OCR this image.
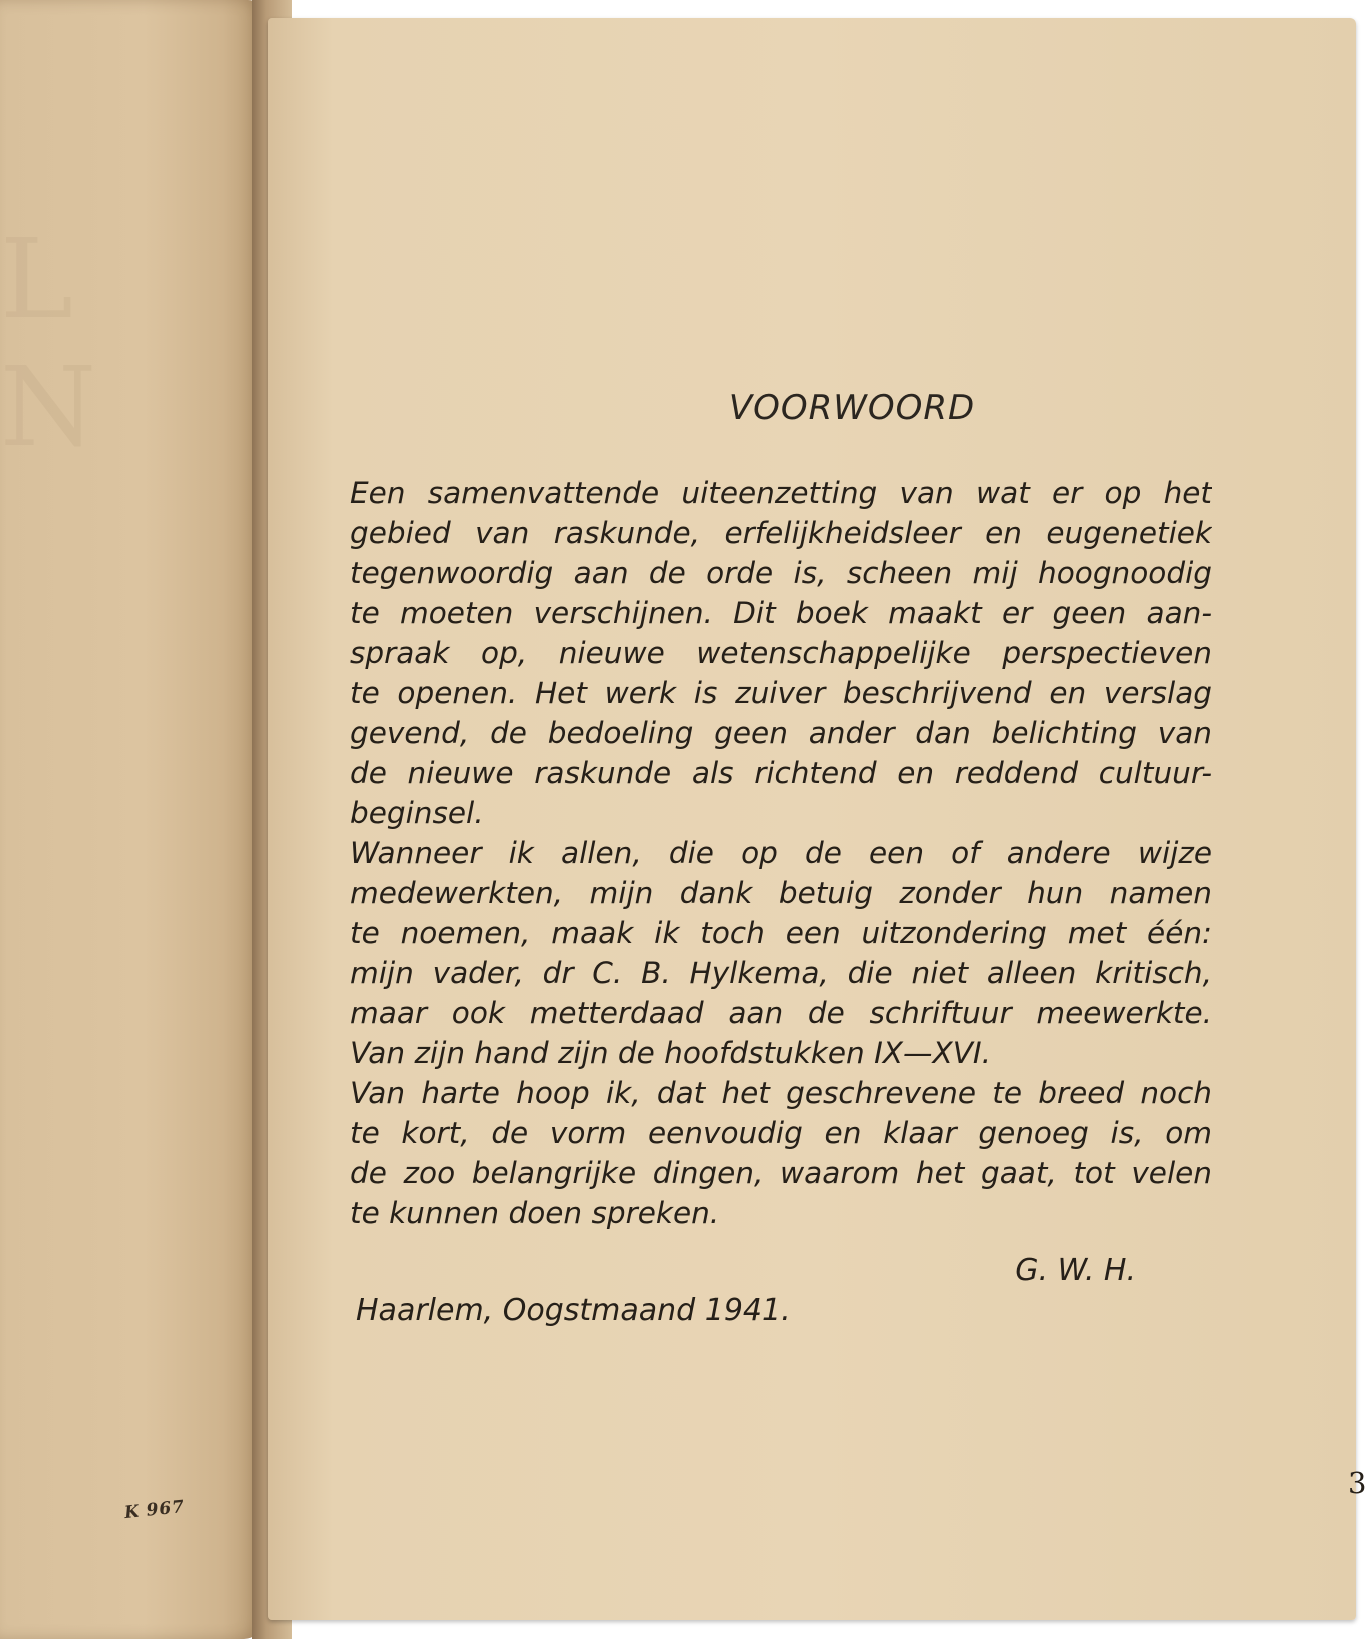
L N
K 967
VOORWOORD
Een samenvattende uiteenzetting van wat er op het
gebied van raskunde, erfelijkheidsleer en eugenetiek
tegenwoordig aan de orde is, scheen mij hoognoodig
te moeten verschijnen. Dit boek maakt er geen aan-
spraak op, nieuwe wetenschappelijke perspectieven
te openen. Het werk is zuiver beschrijvend en verslag
gevend, de bedoeling geen ander dan belichting van
de nieuwe raskunde als richtend en reddend cultuur-
beginsel.
Wanneer ik allen, die op de een of andere wijze
medewerkten, mijn dank betuig zonder hun namen
te noemen, maak ik toch een uitzondering met één:
mijn vader, dr C. B. Hylkema, die niet alleen kritisch,
maar ook metterdaad aan de schriftuur meewerkte.
Van zijn hand zijn de hoofdstukken IX—XVI.
Van harte hoop ik, dat het geschrevene te breed noch
te kort, de vorm eenvoudig en klaar genoeg is, om
de zoo belangrijke dingen, waarom het gaat, tot velen
te kunnen doen spreken.
G. W. H.
Haarlem, Oogstmaand 1941.
3
